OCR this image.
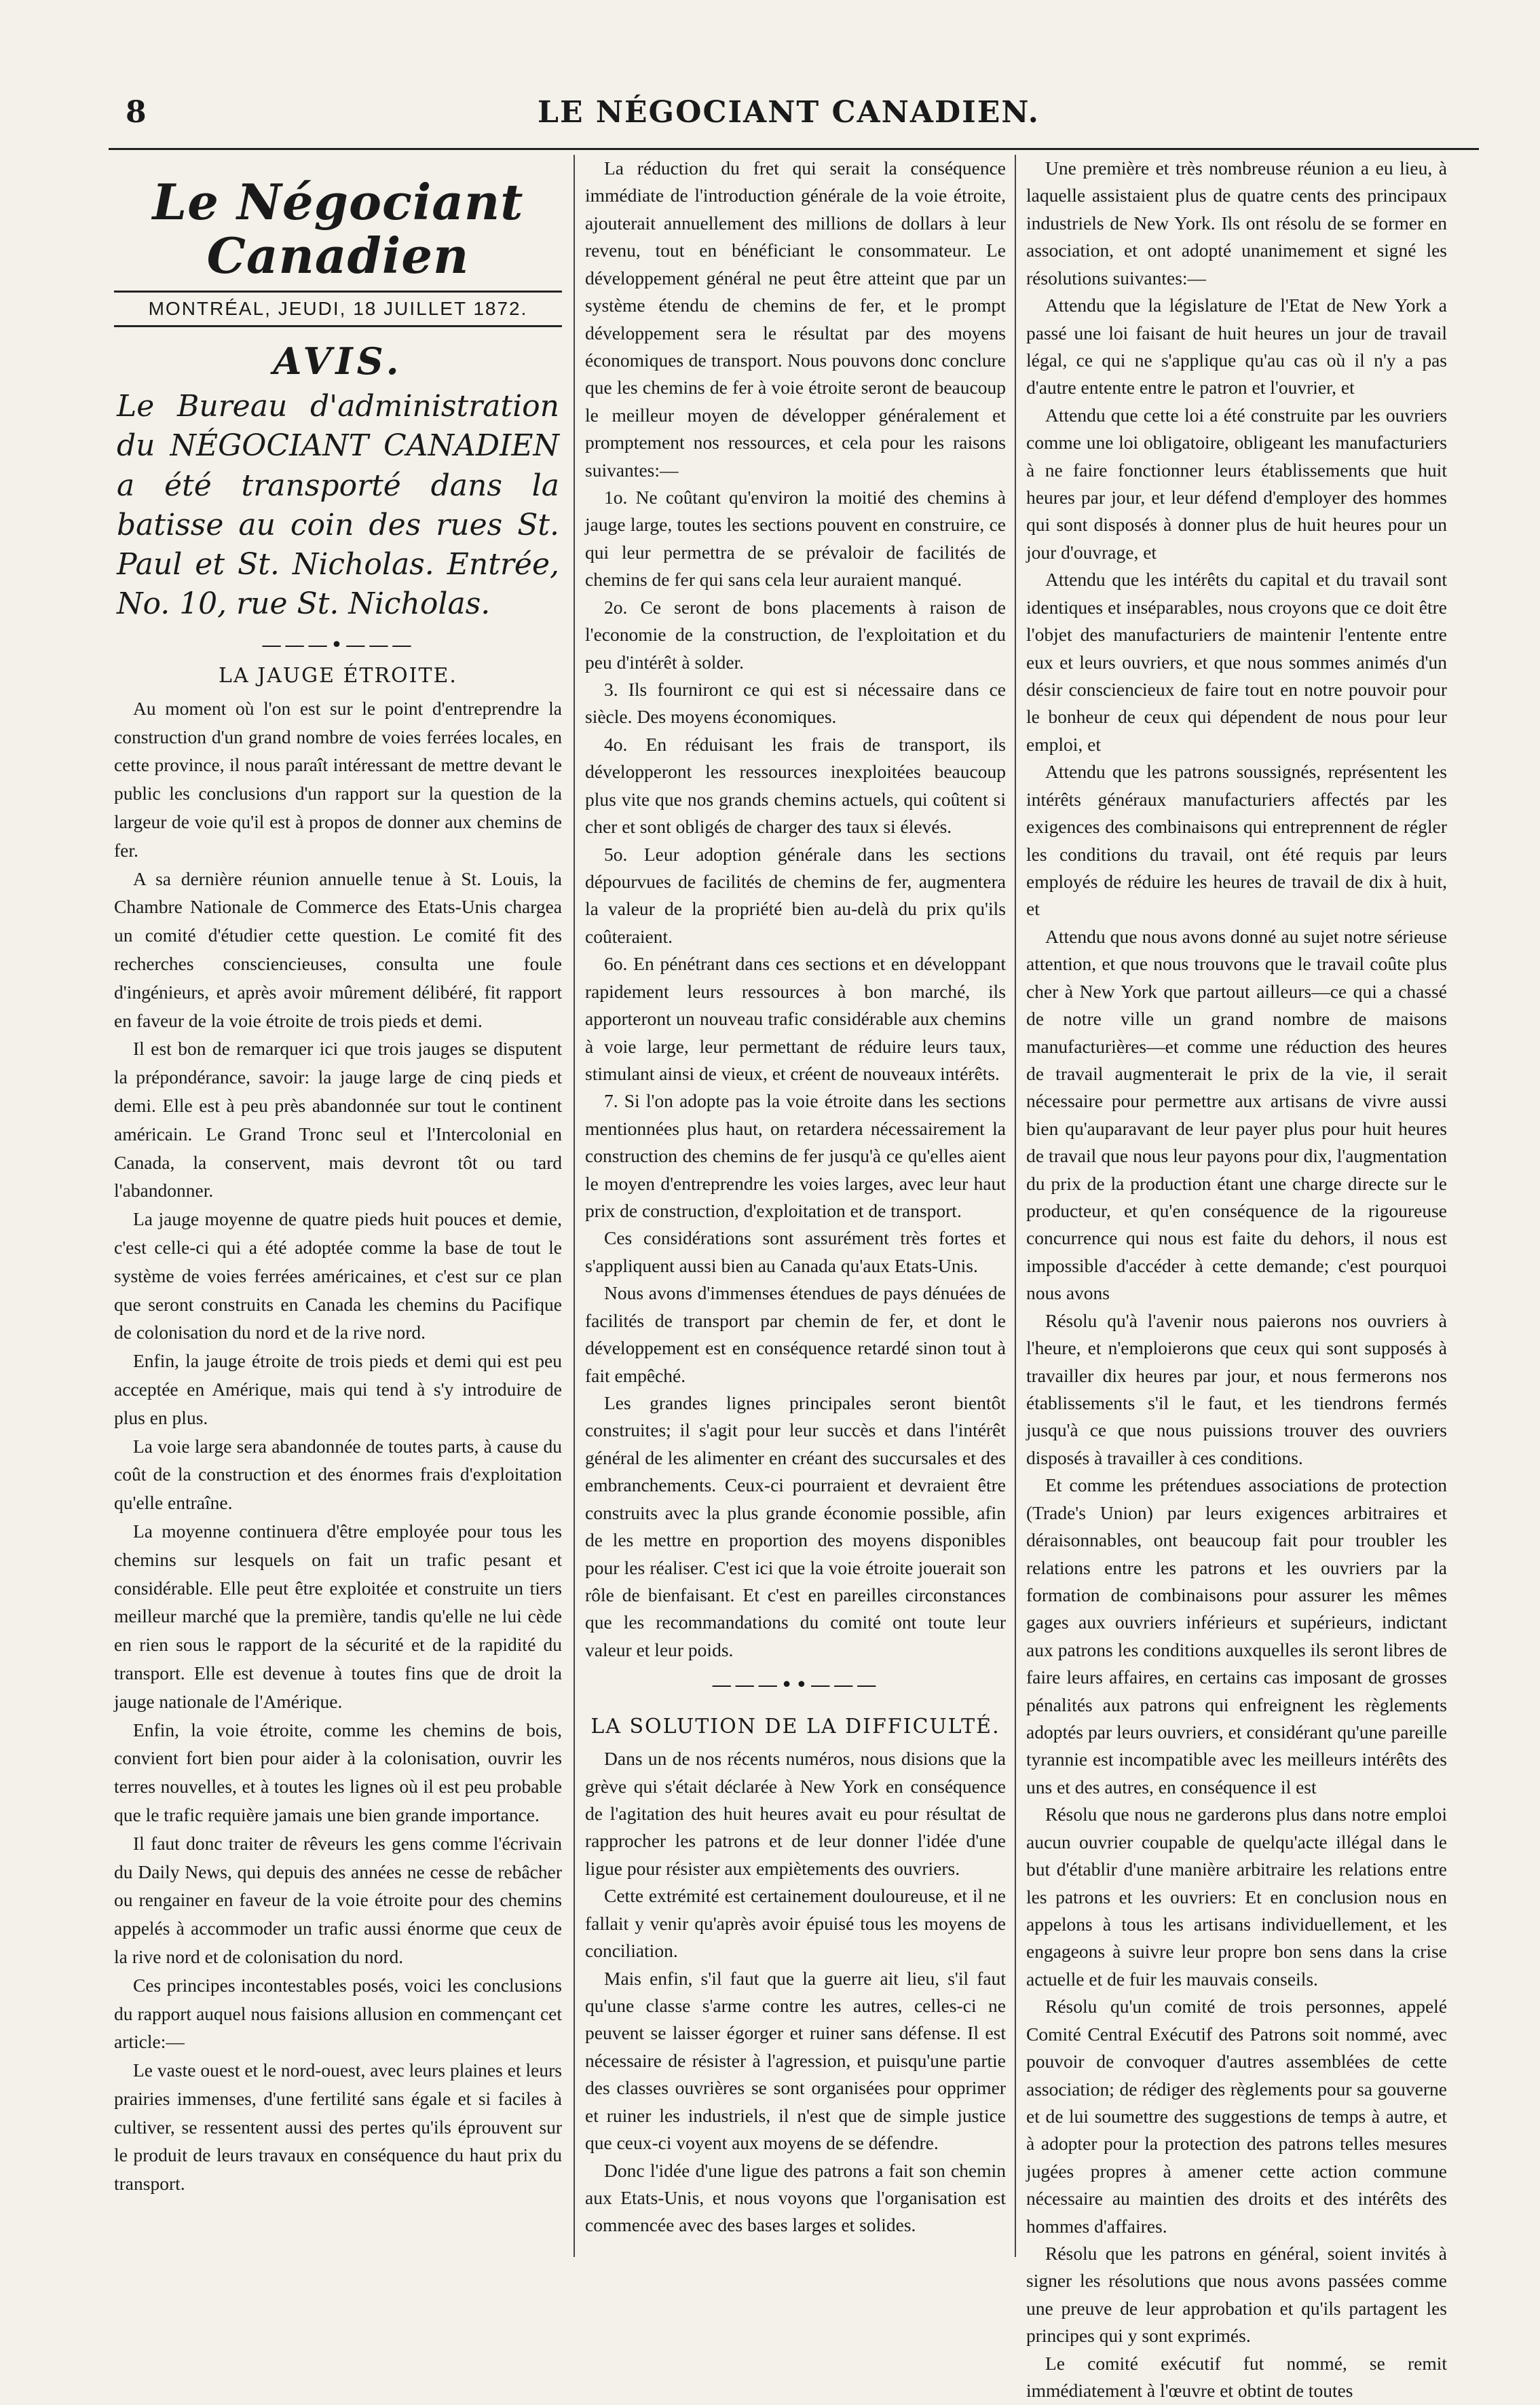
8	LE NÉGOCIANT CANADIEN.
Le Négociant Canadien
MONTRÉAL, JEUDI, 18 JUILLET 1872.
AVIS.
Le Bureau d'administration du NÉGOCIANT CANADIEN a été transporté dans la batisse au coin des rues St. Paul et St. Nicholas. Entrée, No. 10, rue St. Nicholas.
———•———
LA JAUGE ÉTROITE.

Au moment où l'on est sur le point d'entreprendre la construction d'un grand nombre de voies ferrées locales, en cette province, il nous paraît intéressant de mettre devant le public les conclusions d'un rapport sur la question de la largeur de voie qu'il est à propos de donner aux chemins de fer.

A sa dernière réunion annuelle tenue à St. Louis, la Chambre Nationale de Commerce des Etats-Unis chargea un comité d'étudier cette question. Le comité fit des recherches consciencieuses, consulta une foule d'ingénieurs, et après avoir mûrement délibéré, fit rapport en faveur de la voie étroite de trois pieds et demi.

Il est bon de remarquer ici que trois jauges se disputent la prépondérance, savoir: la jauge large de cinq pieds et demi. Elle est à peu près abandonnée sur tout le continent américain. Le Grand Tronc seul et l'Intercolonial en Canada, la conservent, mais devront tôt ou tard l'abandonner.

La jauge moyenne de quatre pieds huit pouces et demie, c'est celle-ci qui a été adoptée comme la base de tout le système de voies ferrées américaines, et c'est sur ce plan que seront construits en Canada les chemins du Pacifique de colonisation du nord et de la rive nord.

Enfin, la jauge étroite de trois pieds et demi qui est peu acceptée en Amérique, mais qui tend à s'y introduire de plus en plus.

La voie large sera abandonnée de toutes parts, à cause du coût de la construction et des énormes frais d'exploitation qu'elle entraîne.

La moyenne continuera d'être employée pour tous les chemins sur lesquels on fait un trafic pesant et considérable. Elle peut être exploitée et construite un tiers meilleur marché que la première, tandis qu'elle ne lui cède en rien sous le rapport de la sécurité et de la rapidité du transport. Elle est devenue à toutes fins que de droit la jauge nationale de l'Amérique.

Enfin, la voie étroite, comme les chemins de bois, convient fort bien pour aider à la colonisation, ouvrir les terres nouvelles, et à toutes les lignes où il est peu probable que le trafic requière jamais une bien grande importance.

Il faut donc traiter de rêveurs les gens comme l'écrivain du Daily News, qui depuis des années ne cesse de rebâcher ou rengainer en faveur de la voie étroite pour des chemins appelés à accommoder un trafic aussi énorme que ceux de la rive nord et de colonisation du nord.

Ces principes incontestables posés, voici les conclusions du rapport auquel nous faisions allusion en commençant cet article:—

Le vaste ouest et le nord-ouest, avec leurs plaines et leurs prairies immenses, d'une fertilité sans égale et si faciles à cultiver, se ressentent aussi des pertes qu'ils éprouvent sur le produit de leurs travaux en conséquence du haut prix du transport.

La réduction du fret qui serait la conséquence immédiate de l'introduction générale de la voie étroite, ajouterait annuellement des millions de dollars à leur revenu, tout en bénéficiant le consommateur. Le développement général ne peut être atteint que par un système étendu de chemins de fer, et le prompt développement sera le résultat par des moyens économiques de transport. Nous pouvons donc conclure que les chemins de fer à voie étroite seront de beaucoup le meilleur moyen de développer généralement et promptement nos ressources, et cela pour les raisons suivantes:—

1o. Ne coûtant qu'environ la moitié des chemins à jauge large, toutes les sections pouvent en construire, ce qui leur permettra de se prévaloir de facilités de chemins de fer qui sans cela leur auraient manqué.

2o. Ce seront de bons placements à raison de l'economie de la construction, de l'exploitation et du peu d'intérêt à solder.

3. Ils fourniront ce qui est si nécessaire dans ce siècle. Des moyens économiques.

4o. En réduisant les frais de transport, ils développeront les ressources inexploitées beaucoup plus vite que nos grands chemins actuels, qui coûtent si cher et sont obligés de charger des taux si élevés.

5o. Leur adoption générale dans les sections dépourvues de facilités de chemins de fer, augmentera la valeur de la propriété bien au-delà du prix qu'ils coûteraient.

6o. En pénétrant dans ces sections et en développant rapidement leurs ressources à bon marché, ils apporteront un nouveau trafic considérable aux chemins à voie large, leur permettant de réduire leurs taux, stimulant ainsi de vieux, et créent de nouveaux intérêts.

7. Si l'on adopte pas la voie étroite dans les sections mentionnées plus haut, on retardera nécessairement la construction des chemins de fer jusqu'à ce qu'elles aient le moyen d'entreprendre les voies larges, avec leur haut prix de construction, d'exploitation et de transport.

Ces considérations sont assurément très fortes et s'appliquent aussi bien au Canada qu'aux Etats-Unis.

Nous avons d'immenses étendues de pays dénuées de facilités de transport par chemin de fer, et dont le développement est en conséquence retardé sinon tout à fait empêché.

Les grandes lignes principales seront bientôt construites; il s'agit pour leur succès et dans l'intérêt général de les alimenter en créant des succursales et des embranchements. Ceux-ci pourraient et devraient être construits avec la plus grande économie possible, afin de les mettre en proportion des moyens disponibles pour les réaliser. C'est ici que la voie étroite jouerait son rôle de bienfaisant. Et c'est en pareilles circonstances que les recommandations du comité ont toute leur valeur et leur poids.

———••———
LA SOLUTION DE LA DIFFICULTÉ.

Dans un de nos récents numéros, nous disions que la grève qui s'était déclarée à New York en conséquence de l'agitation des huit heures avait eu pour résultat de rapprocher les patrons et de leur donner l'idée d'une ligue pour résister aux empiètements des ouvriers.

Cette extrémité est certainement douloureuse, et il ne fallait y venir qu'après avoir épuisé tous les moyens de conciliation.

Mais enfin, s'il faut que la guerre ait lieu, s'il faut qu'une classe s'arme contre les autres, celles-ci ne peuvent se laisser égorger et ruiner sans défense. Il est nécessaire de résister à l'agression, et puisqu'une partie des classes ouvrières se sont organisées pour opprimer et ruiner les industriels, il n'est que de simple justice que ceux-ci voyent aux moyens de se défendre.

Donc l'idée d'une ligue des patrons a fait son chemin aux Etats-Unis, et nous voyons que l'organisation est commencée avec des bases larges et solides.

Une première et très nombreuse réunion a eu lieu, à laquelle assistaient plus de quatre cents des principaux industriels de New York. Ils ont résolu de se former en association, et ont adopté unanimement et signé les résolutions suivantes:—

Attendu que la législature de l'Etat de New York a passé une loi faisant de huit heures un jour de travail légal, ce qui ne s'applique qu'au cas où il n'y a pas d'autre entente entre le patron et l'ouvrier, et

Attendu que cette loi a été construite par les ouvriers comme une loi obligatoire, obligeant les manufacturiers à ne faire fonctionner leurs établissements que huit heures par jour, et leur défend d'employer des hommes qui sont disposés à donner plus de huit heures pour un jour d'ouvrage, et

Attendu que les intérêts du capital et du travail sont identiques et inséparables, nous croyons que ce doit être l'objet des manufacturiers de maintenir l'entente entre eux et leurs ouvriers, et que nous sommes animés d'un désir consciencieux de faire tout en notre pouvoir pour le bonheur de ceux qui dépendent de nous pour leur emploi, et

Attendu que les patrons soussignés, représentent les intérêts généraux manufacturiers affectés par les exigences des combinaisons qui entreprennent de régler les conditions du travail, ont été requis par leurs employés de réduire les heures de travail de dix à huit, et

Attendu que nous avons donné au sujet notre sérieuse attention, et que nous trouvons que le travail coûte plus cher à New York que partout ailleurs—ce qui a chassé de notre ville un grand nombre de maisons manufacturières—et comme une réduction des heures de travail augmenterait le prix de la vie, il serait nécessaire pour permettre aux artisans de vivre aussi bien qu'auparavant de leur payer plus pour huit heures de travail que nous leur payons pour dix, l'augmentation du prix de la production étant une charge directe sur le producteur, et qu'en conséquence de la rigoureuse concurrence qui nous est faite du dehors, il nous est impossible d'accéder à cette demande; c'est pourquoi nous avons

Résolu qu'à l'avenir nous paierons nos ouvriers à l'heure, et n'emploierons que ceux qui sont supposés à travailler dix heures par jour, et nous fermerons nos établissements s'il le faut, et les tiendrons fermés jusqu'à ce que nous puissions trouver des ouvriers disposés à travailler à ces conditions.

Et comme les prétendues associations de protection (Trade's Union) par leurs exigences arbitraires et déraisonnables, ont beaucoup fait pour troubler les relations entre les patrons et les ouvriers par la formation de combinaisons pour assurer les mêmes gages aux ouvriers inférieurs et supérieurs, indictant aux patrons les conditions auxquelles ils seront libres de faire leurs affaires, en certains cas imposant de grosses pénalités aux patrons qui enfreignent les règlements adoptés par leurs ouvriers, et considérant qu'une pareille tyrannie est incompatible avec les meilleurs intérêts des uns et des autres, en conséquence il est

Résolu que nous ne garderons plus dans notre emploi aucun ouvrier coupable de quelqu'acte illégal dans le but d'établir d'une manière arbitraire les relations entre les patrons et les ouvriers: Et en conclusion nous en appelons à tous les artisans individuellement, et les engageons à suivre leur propre bon sens dans la crise actuelle et de fuir les mauvais conseils.

Résolu qu'un comité de trois personnes, appelé Comité Central Exécutif des Patrons soit nommé, avec pouvoir de convoquer d'autres assemblées de cette association; de rédiger des règlements pour sa gouverne et de lui soumettre des suggestions de temps à autre, et à adopter pour la protection des patrons telles mesures jugées propres à amener cette action commune nécessaire au maintien des droits et des intérêts des hommes d'affaires.

Résolu que les patrons en général, soient invités à signer les résolutions que nous avons passées comme une preuve de leur approbation et qu'ils partagent les principes qui y sont exprimés.

Le comité exécutif fut nommé, se remit immédiatement à l'œuvre et obtint de toutes
